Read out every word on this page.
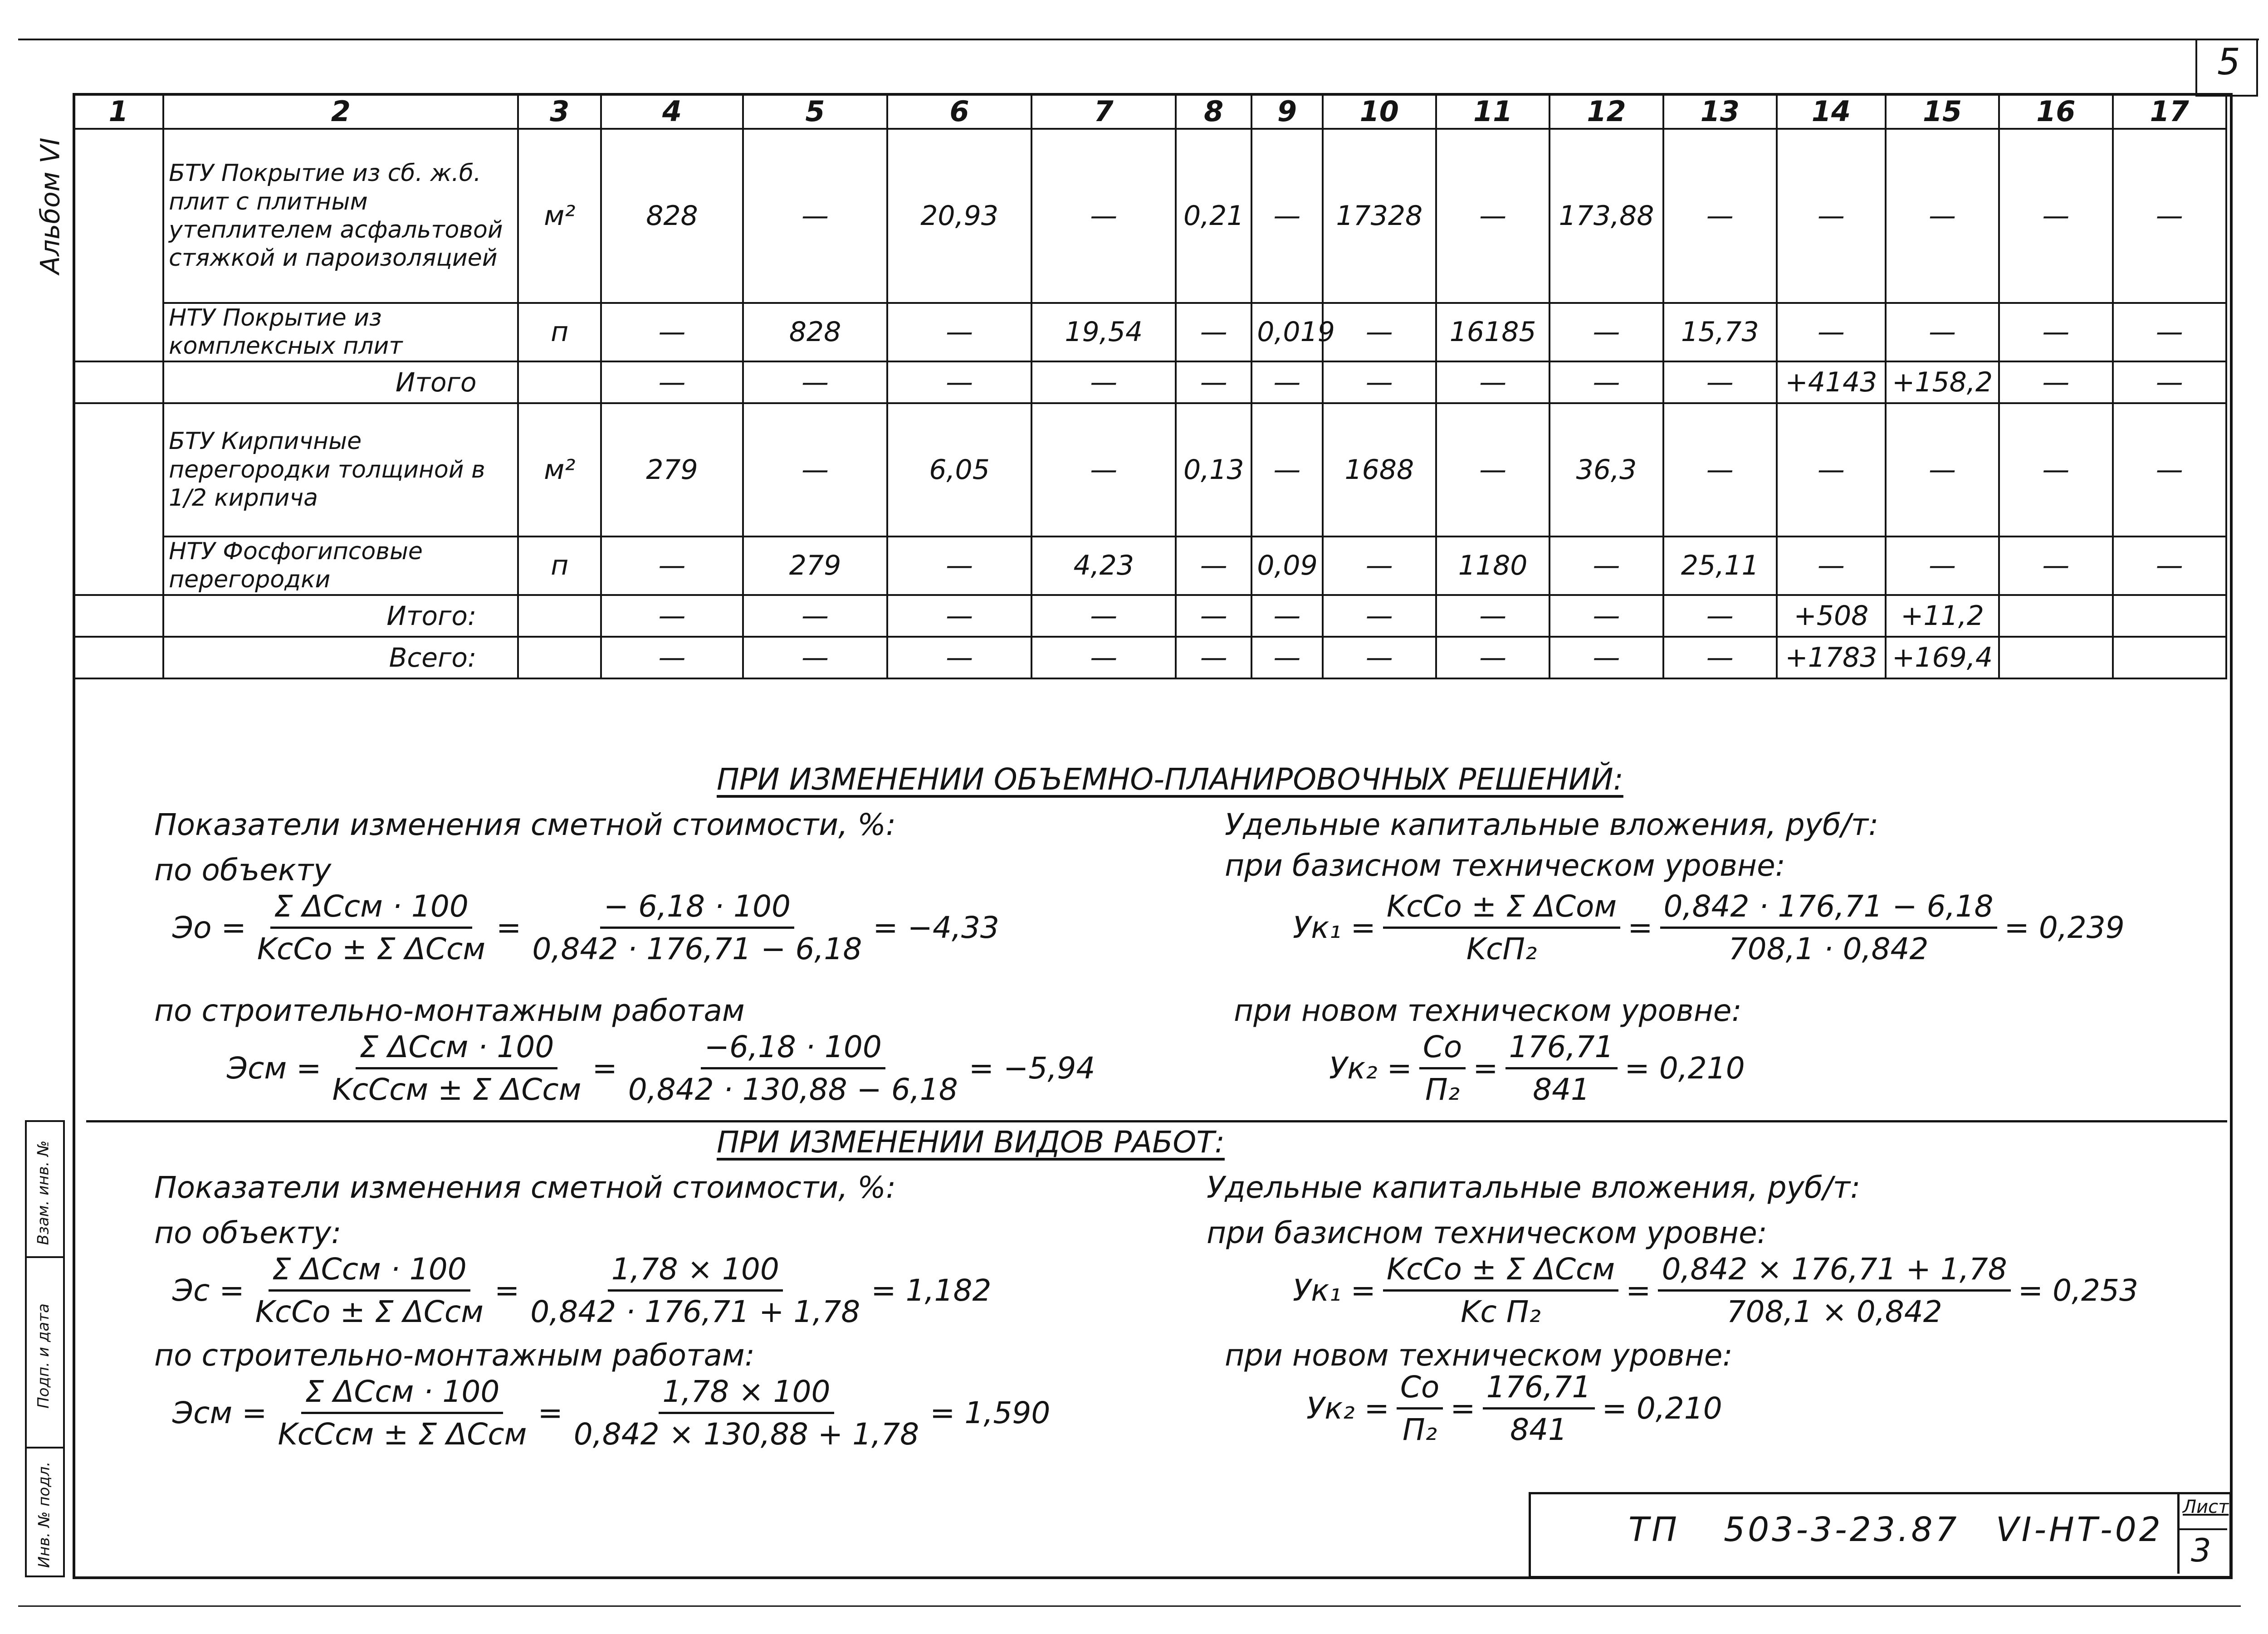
5
Альбом VI
Взам. инв. №
Подп. и дата
Инв. № подл.
1	2	3	4	5	6	7	8	9	10	11	12	13	14	15	16	17
	БТУ Покрытие из сб. ж.б. плит с плитным утеплителем асфальтовой стяжкой и пароизоляцией	м²	828	—	20,93	—	0,21	—	17328	—	173,88	—	—	—	—	—
	НТУ Покрытие из комплексных плит	п	—	828	—	19,54	—	0,019	—	16185	—	15,73	—	—	—	—
	Итого		—	—	—	—	—	—	—	—	—	—	+4143	+158,2	—	—
	БТУ Кирпичные перегородки толщиной в 1/2 кирпича	м²	279	—	6,05	—	0,13	—	1688	—	36,3	—	—	—	—	—
	НТУ Фосфогипсовые перегородки	п	—	279	—	4,23	—	0,09	—	1180	—	25,11	—	—	—	—
	Итого:		—	—	—	—	—	—	—	—	—	—	+508	+11,2		
	Всего:		—	—	—	—	—	—	—	—	—	—	+1783	+169,4		
ПРИ ИЗМЕНЕНИИ ОБЪЕМНО-ПЛАНИРОВОЧНЫХ РЕШЕНИЙ:
Показатели изменения сметной стоимости, %:
по объекту
Эо = $\frac{\text{Σ ΔCсм · 100}}{\text{KcCo ± Σ ΔCсм}} = \frac{- 6,18 \cdot 100}{0,842 \cdot 176,71 - 6,18} = -4,33$
по строительно-монтажным работам
Эсм = $\frac{\text{Σ ΔCсм · 100}}{\text{KcCсм ± Σ ΔCсм}} = \frac{-6,18 \cdot 100}{0,842 \cdot 130,88 - 6,18} = -5,94$
Удельные капитальные вложения, руб/т:
при базисном техническом уровне:
$Ук_1 = \frac{\text{KcCo ± Σ ΔCом}}{\text{KcП₂}} = \frac{0,842 \cdot 176,71 - 6,18}{708,1 \cdot 0,842} = 0,239$
при новом техническом уровне:
$Ук_2 = \frac{Co}{\text{П₂}} = \frac{176,71}{841} = 0,210$
ПРИ ИЗМЕНЕНИИ ВИДОВ РАБОТ:
Показатели изменения сметной стоимости, %:
по объекту:
Эс = $\frac{\text{Σ ΔCсм · 100}}{\text{KcCo ± Σ ΔCсм}} = \frac{1,78 \times 100}{0,842 \cdot 176,71 + 1,78} = 1,182$
по строительно-монтажным работам:
Эсм = $\frac{\text{Σ ΔCсм · 100}}{\text{KcCсм ± Σ ΔCсм}} = \frac{1,78 \times 100}{0,842 \times 130,88 + 1,78} = 1,590$
Удельные капитальные вложения, руб/т:
при базисном техническом уровне:
$Ук_1 = \frac{\text{KcCo ± Σ ΔCсм}}{\text{Kc П₂}} = \frac{0,842 \times 176,71 + 1,78}{708,1 \times 0,842} = 0,253$
при новом техническом уровне:
$Ук_2 = \frac{Co}{\text{П₂}} = \frac{176,71}{841} = 0,210$
ТП 503-3-23.87 VI-НТ-02
Лист
3
